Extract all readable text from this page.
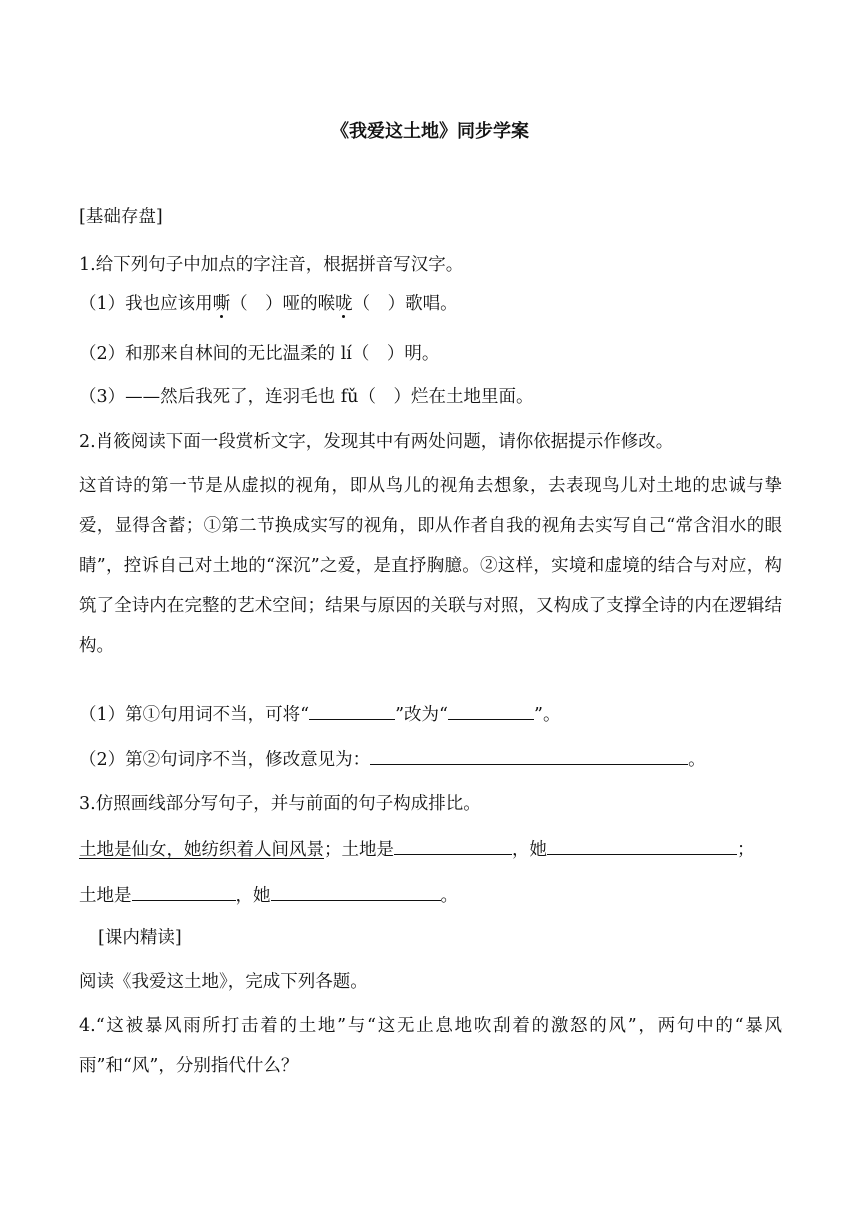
《我爱这土地》同步学案
[基础存盘]
1.给下列句子中加点的字注音，根据拼音写汉字。
（1）我也应该用嘶（　）哑的喉咙（　）歌唱。
（2）和那来自林间的无比温柔的 lí（　）明。
（3）——然后我死了，连羽毛也 fǔ（　）烂在土地里面。
2.肖筱阅读下面一段赏析文字，发现其中有两处问题，请你依据提示作修改。
这首诗的第一节是从虚拟的视角，即从鸟儿的视角去想象，去表现鸟儿对土地的忠诚与挚爱，显得含蓄；①第二节换成实写的视角，即从作者自我的视角去实写自己“常含泪水的眼睛”，控诉自己对土地的“深沉”之爱，是直抒胸臆。②这样，实境和虚境的结合与对应，构筑了全诗内在完整的艺术空间；结果与原因的关联与对照，又构成了支撑全诗的内在逻辑结构。
（1）第①句用词不当，可将“	”改为“	”。
（2）第②句词序不当，修改意见为：	。
3.仿照画线部分写句子，并与前面的句子构成排比。
土地是仙女，她纺织着人间风景；土地是	，她	；
土地是	，她	。
[课内精读]
阅读《我爱这土地》，完成下列各题。
4.“这被暴风雨所打击着的土地”与“这无止息地吹刮着的激怒的风”，两句中的“暴风雨”和“风”，分别指代什么？
